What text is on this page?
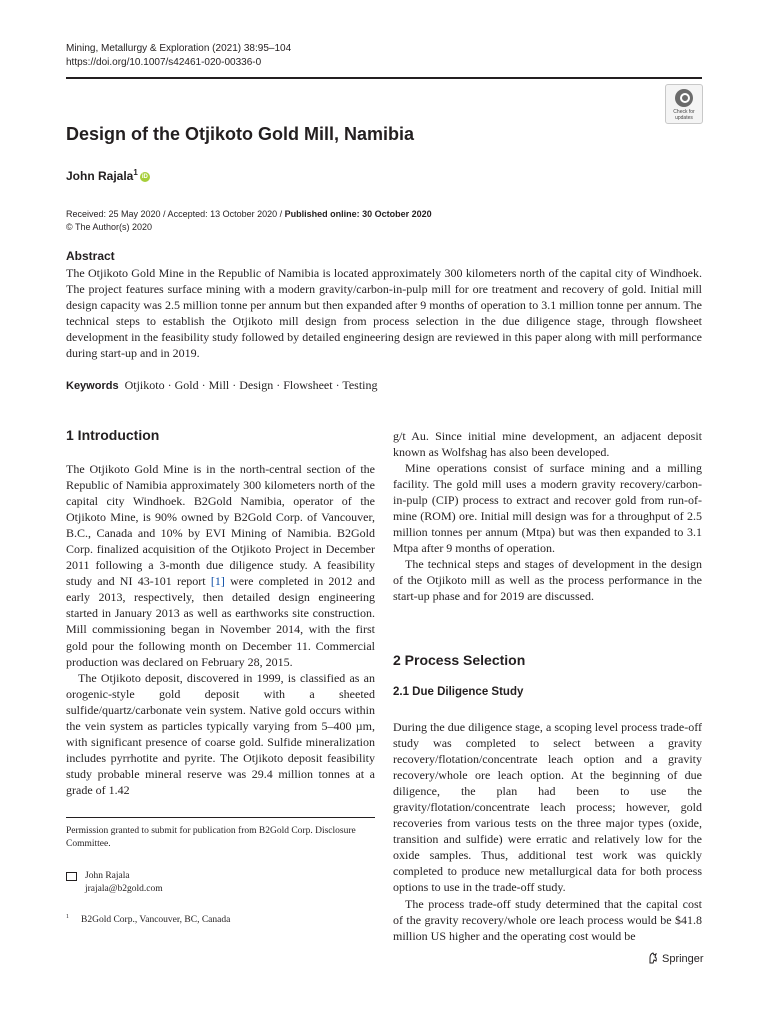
Mining, Metallurgy & Exploration (2021) 38:95–104
https://doi.org/10.1007/s42461-020-00336-0
Check for
updates
Design of the Otjikoto Gold Mill, Namibia
John Rajala$^1$ iD
Received: 25 May 2020 / Accepted: 13 October 2020 / Published online: 30 October 2020
© The Author(s) 2020
Abstract
The Otjikoto Gold Mine in the Republic of Namibia is located approximately 300 kilometers north of the capital city of Windhoek. The project features surface mining with a modern gravity/carbon-in-pulp mill for ore treatment and recovery of gold. Initial mill design capacity was 2.5 million tonne per annum but then expanded after 9 months of operation to 3.1 million tonne per annum. The technical steps to establish the Otjikoto mill design from process selection in the due diligence stage, through flowsheet development in the feasibility study followed by detailed engineering design are reviewed in this paper along with mill performance during start-up and in 2019.
Keywords Otjikoto · Gold · Mill · Design · Flowsheet · Testing
1 Introduction

The Otjikoto Gold Mine is in the north-central section of the Republic of Namibia approximately 300 kilometers north of the capital city Windhoek. B2Gold Namibia, operator of the Otjikoto Mine, is 90% owned by B2Gold Corp. of Vancouver, B.C., Canada and 10% by EVI Mining of Namibia. B2Gold Corp. finalized acquisition of the Otjikoto Project in December 2011 following a 3-month due diligence study. A feasibility study and NI 43-101 report [1] were completed in 2012 and early 2013, respectively, then detailed design engineering started in January 2013 as well as earthworks site construction. Mill commissioning began in November 2014, with the first gold pour the following month on December 11. Commercial production was declared on February 28, 2015.

The Otjikoto deposit, discovered in 1999, is classified as an orogenic-style gold deposit with a sheeted sulfide/quartz/carbonate vein system. Native gold occurs within the vein system as particles typically varying from 5–400 µm, with significant presence of coarse gold. Sulfide mineralization includes pyrrhotite and pyrite. The Otjikoto deposit feasibility study probable mineral reserve was 29.4 million tonnes at a grade of 1.42

Permission granted to submit for publication from B2Gold Corp. Disclosure Committee.
John Rajala
jrajala@b2gold.com
$^1$ B2Gold Corp., Vancouver, BC, Canada

g/t Au. Since initial mine development, an adjacent deposit known as Wolfshag has also been developed.

Mine operations consist of surface mining and a milling facility. The gold mill uses a modern gravity recovery/carbon-in-pulp (CIP) process to extract and recover gold from run-of-mine (ROM) ore. Initial mill design was for a throughput of 2.5 million tonnes per annum (Mtpa) but was then expanded to 3.1 Mtpa after 9 months of operation.

The technical steps and stages of development in the design of the Otjikoto mill as well as the process performance in the start-up phase and for 2019 are discussed.

2 Process Selection
2.1 Due Diligence Study

During the due diligence stage, a scoping level process trade-off study was completed to select between a gravity recovery/flotation/concentrate leach option and a gravity recovery/whole ore leach option. At the beginning of due diligence, the plan had been to use the gravity/flotation/concentrate leach process; however, gold recoveries from various tests on the three major types (oxide, transition and sulfide) were erratic and relatively low for the oxide samples. Thus, additional test work was quickly completed to produce new metallurgical data for both process options to use in the trade-off study.

The process trade-off study determined that the capital cost of the gravity recovery/whole ore leach process would be $41.8 million US higher and the operating cost would be

Springer
